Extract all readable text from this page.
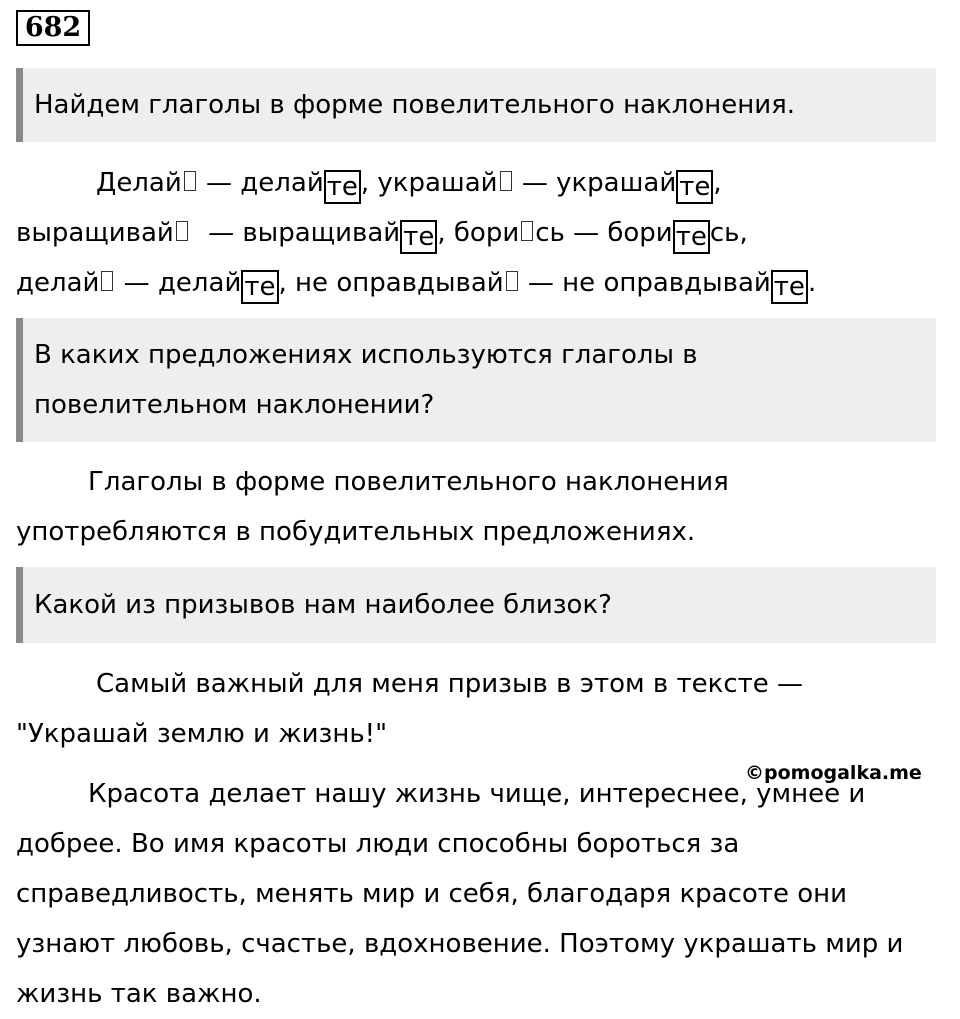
682
Найдем глаголы в форме повелительного наклонения.
Делай — делай те , украшай — украшай те ,
выращивай — выращивай те , бори сь — бори те сь,
делай — делай те , не оправдывай — не оправдывай те .
В каких предложениях используются глаголы в повелительном наклонении?
Глаголы в форме повелительного наклонения употребляются в побудительных предложениях.
Какой из призывов нам наиболее близок?
Самый важный для меня призыв в этом в тексте — "Украшай землю и жизнь!"
Красота делает нашу жизнь чище, интереснее, умнее и добрее. Во имя красоты люди способны бороться за справедливость, менять мир и себя, благодаря красоте они узнают любовь, счастье, вдохновение. Поэтому украшать мир и жизнь так важно.
©pomogalka.me
